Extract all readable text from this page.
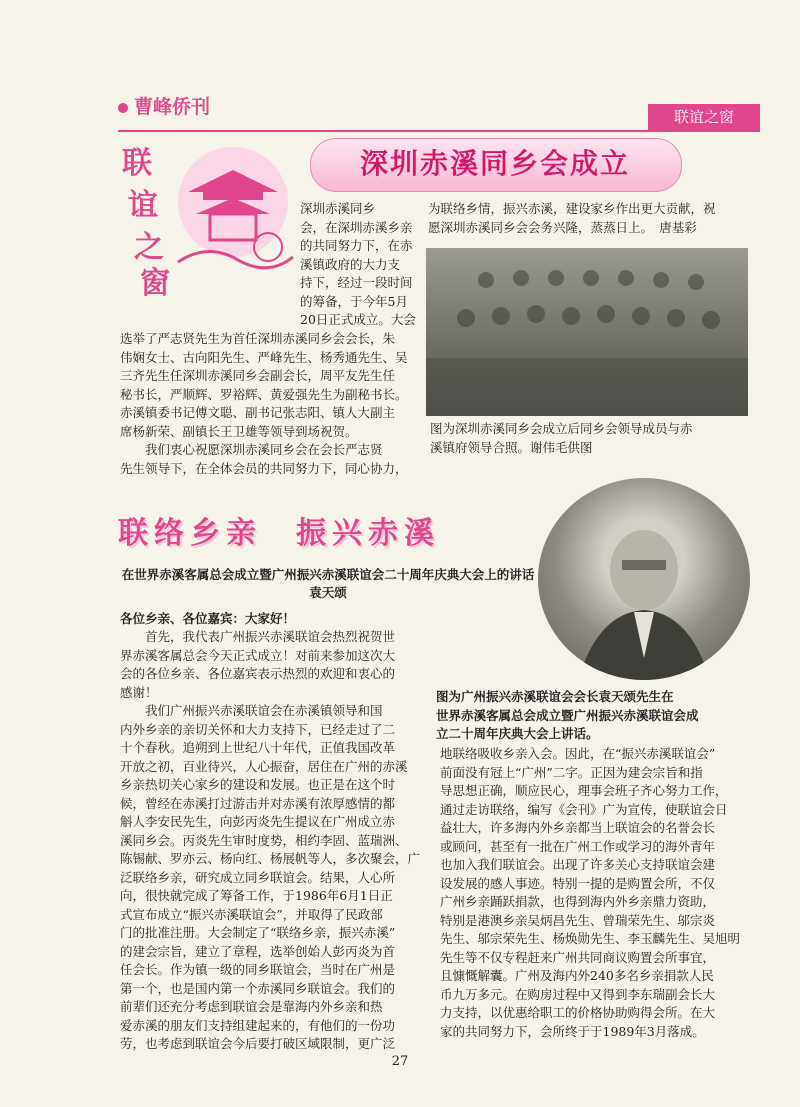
曹峰侨刊	联谊之窗
联
谊
之
窗
深圳赤溪同乡会成立

深圳赤溪同乡
会，在深圳赤溪乡亲
的共同努力下，在赤
溪镇政府的大力支
持下，经过一段时间
的筹备，于今年5月
20日正式成立。大会

选举了严志贤先生为首任深圳赤溪同乡会会长，朱
伟娴女士、古向阳先生、严峰先生、杨秀通先生、吴
三齐先生任深圳赤溪同乡会副会长，周平友先生任
秘书长，严顺辉、罗裕辉、黄爱强先生为副秘书长。
赤溪镇委书记傅文聪、副书记张志阳、镇人大副主
席杨新荣、副镇长王卫雄等领导到场祝贺。
　　我们衷心祝愿深圳赤溪同乡会在会长严志贤
先生领导下，在全体会员的共同努力下，同心协力，

为联络乡情，振兴赤溪，建设家乡作出更大贡献，祝
愿深圳赤溪同乡会会务兴隆，蒸蒸日上。　唐基彩

图为深圳赤溪同乡会成立后同乡会领导成员与赤
溪镇府领导合照。谢伟毛供图

联络乡亲 振兴赤溪
在世界赤溪客属总会成立暨广州振兴赤溪联谊会二十周年庆典大会上的讲话
袁天颂

各位乡亲、各位嘉宾：大家好！

　　首先，我代表广州振兴赤溪联谊会热烈祝贺世
界赤溪客属总会今天正式成立！对前来参加这次大
会的各位乡亲、各位嘉宾表示热烈的欢迎和衷心的
感谢！
　　我们广州振兴赤溪联谊会在赤溪镇领导和国
内外乡亲的亲切关怀和大力支持下，已经走过了二
十个春秋。追朔到上世纪八十年代，正值我国改革
开放之初，百业待兴，人心振奋，居住在广州的赤溪
乡亲热切关心家乡的建设和发展。也正是在这个时
候，曾经在赤溪打过游击并对赤溪有浓厚感情的都
斛人李安民先生，向彭丙炎先生提议在广州成立赤
溪同乡会。丙炎先生审时度势，相约李固、蓝瑞洲、
陈锡献、罗亦云、杨向红、杨展帆等人，多次聚会，广
泛联络乡亲，研究成立同乡联谊会。结果，人心所
向，很快就完成了筹备工作，于1986年6月1日正
式宣布成立“振兴赤溪联谊会”，并取得了民政部
门的批准注册。大会制定了“联络乡亲，振兴赤溪”
的建会宗旨，建立了章程，选举创始人彭丙炎为首
任会长。作为镇一级的同乡联谊会，当时在广州是
第一个，也是国内第一个赤溪同乡联谊会。我们的
前辈们还充分考虑到联谊会是靠海内外乡亲和热
爱赤溪的朋友们支持组建起来的，有他们的一份功
劳，也考虑到联谊会今后要打破区域限制，更广泛

图为广州振兴赤溪联谊会会长袁天颂先生在
世界赤溪客属总会成立暨广州振兴赤溪联谊会成
立二十周年庆典大会上讲话。

地联络吸收乡亲入会。因此，在“振兴赤溪联谊会”
前面没有冠上“广州”二字。正因为建会宗旨和指
导思想正确，顺应民心，理事会班子齐心努力工作，
通过走访联络，编写《会刊》广为宣传，使联谊会日
益壮大，许多海内外乡亲都当上联谊会的名誉会长
或顾问，甚至有一批在广州工作或学习的海外青年
也加入我们联谊会。出现了许多关心支持联谊会建
设发展的感人事迹。特别一提的是购置会所，不仅
广州乡亲踊跃捐款，也得到海内外乡亲鼎力资助，
特别是港澳乡亲吴炳昌先生、曾瑞荣先生、邬宗炎
先生、邬宗荣先生、杨焕勋先生、李玉麟先生、吴旭明
先生等不仅专程赶来广州共同商议购置会所事宜，
且慷慨解囊。广州及海内外240多名乡亲捐款人民
币九万多元。在购房过程中又得到李东瑞副会长大
力支持，以优惠给职工的价格协助购得会所。在大
家的共同努力下，会所终于于1989年3月落成。

27
